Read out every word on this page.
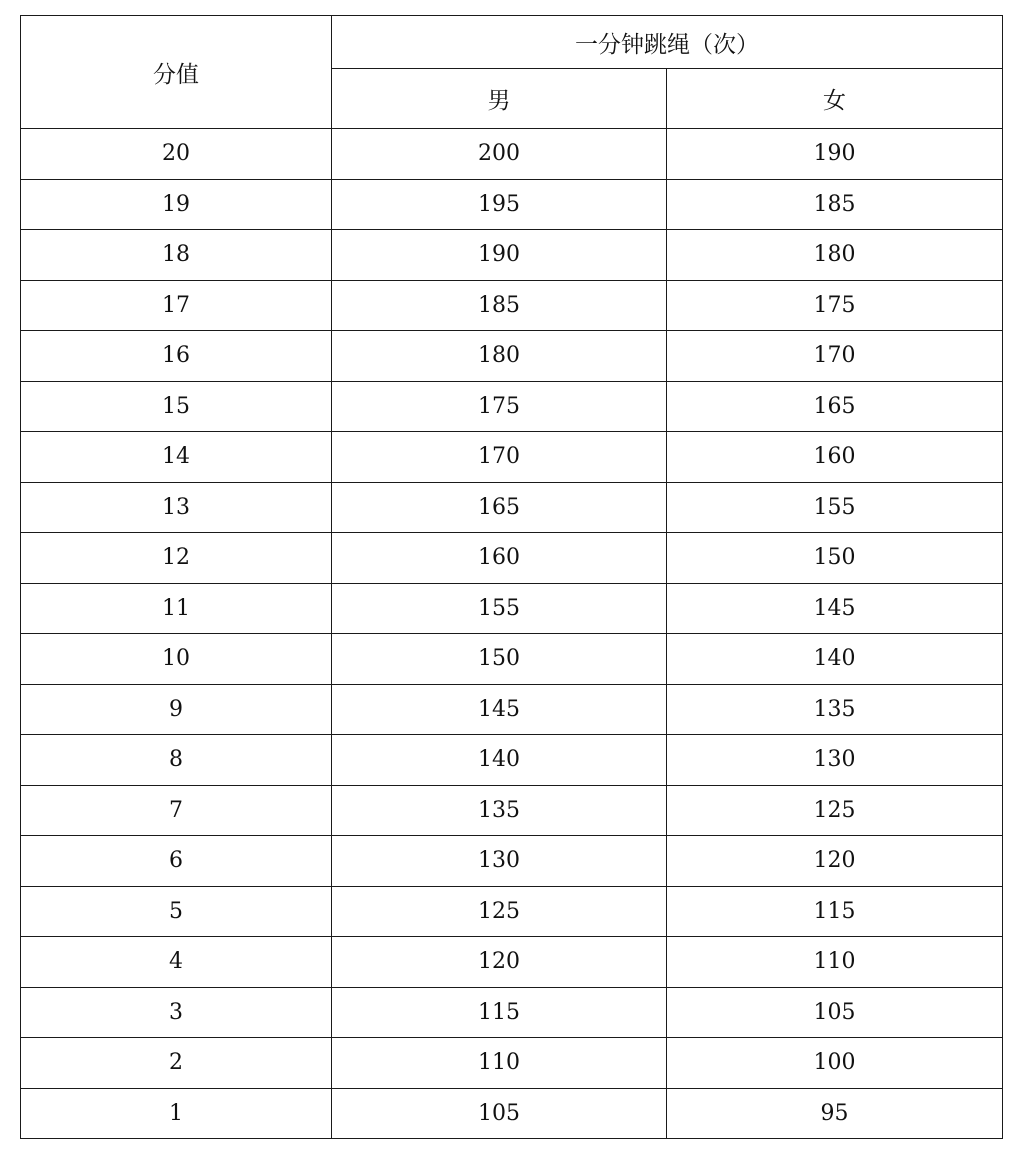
分值	一分钟跳绳（次）	
	男	女
20	200	190
19	195	185
18	190	180
17	185	175
16	180	170
15	175	165
14	170	160
13	165	155
12	160	150
11	155	145
10	150	140
9	145	135
8	140	130
7	135	125
6	130	120
5	125	115
4	120	110
3	115	105
2	110	100
1	105	95
